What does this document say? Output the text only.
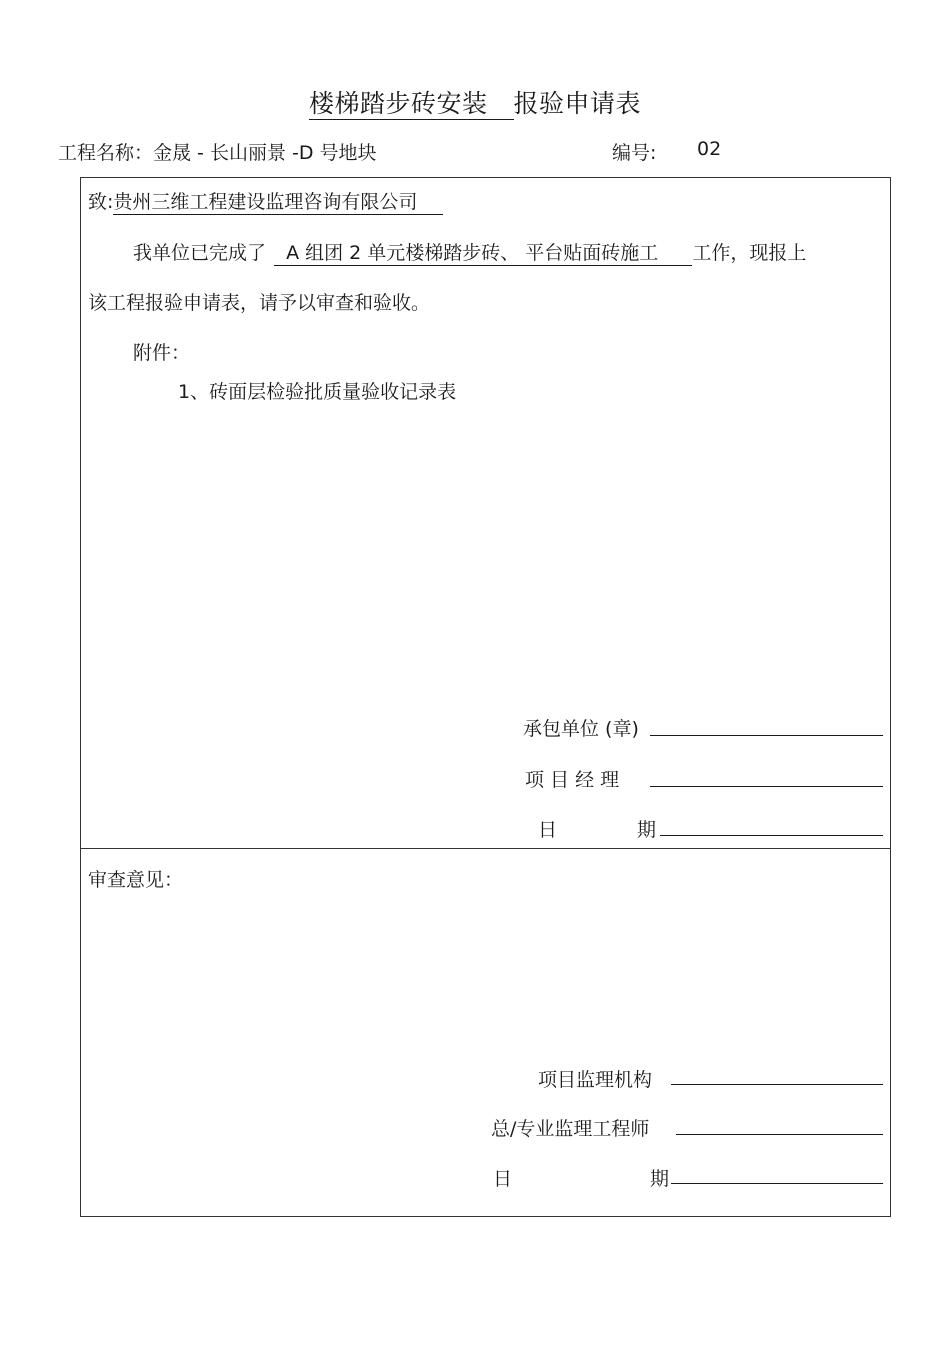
楼梯踏步砖安装 报验申请表
工程名称：金晟 - 长山丽景 -D 号地块	编号: 02
致:贵州三维工程建设监理咨询有限公司
我单位已完成了 A 组团 2 单元楼梯踏步砖、 平台贴面砖施工 工作，现报上
该工程报验申请表，请予以审查和验收。
附件：
1、砖面层检验批质量验收记录表
承包单位 (章)
项 目 经 理
日	期
审查意见：
项目监理机构
总/专业监理工程师
日	期
